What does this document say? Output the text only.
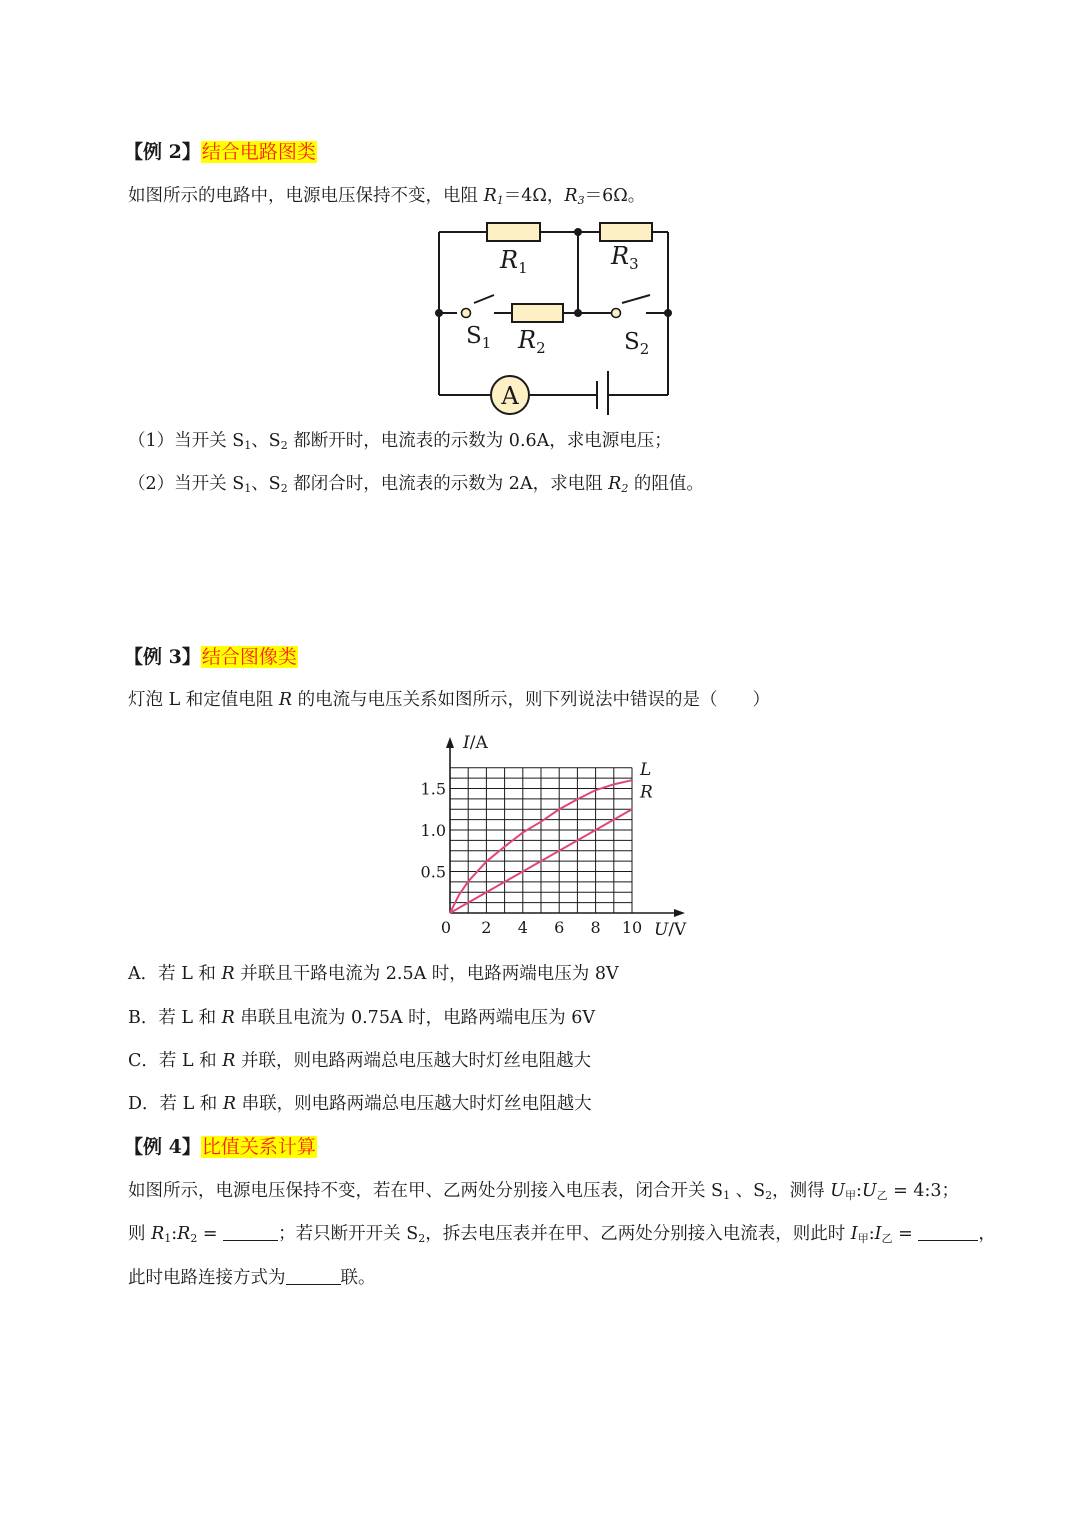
【例 2】结合电路图类
如图所示的电路中，电源电压保持不变，电阻 $R_1=4\Omega$，$R_3=6\Omega$。
A
$R_1$	$R_3$
$R_2$
$S_1$	$S_2$
（1）当开关 $S_1$、$S_2$ 都断开时，电流表的示数为 0.6A，求电源电压；
（2）当开关 $S_1$、$S_2$ 都闭合时，电流表的示数为 2A，求电阻 $R_2$ 的阻值。
【例 3】结合图像类
灯泡 L 和定值电阻 R 的电流与电压关系如图所示，则下列说法中错误的是（　　）
L
R
0 2 4 6 8 10
0.5
1.0
1.5
I/A
U/V
A．若 L 和 R 并联且干路电流为 2.5A 时，电路两端电压为 8V
B．若 L 和 R 串联且电流为 0.75A 时，电路两端电压为 6V
C．若 L 和 R 并联，则电路两端总电压越大时灯丝电阻越大
D．若 L 和 R 串联，则电路两端总电压越大时灯丝电阻越大
【例 4】比值关系计算
如图所示，电源电压保持不变，若在甲、乙两处分别接入电压表，闭合开关 $S_1$ 、$S_2$，测得 $U_甲:U_乙$ = 4:3；
则 $R_1:R_2$ =	；若只断开开关 $S_2$，拆去电压表并在甲、乙两处分别接入电流表，则此时 $I_甲:I_乙$ =	，
此时电路连接方式为	联。
